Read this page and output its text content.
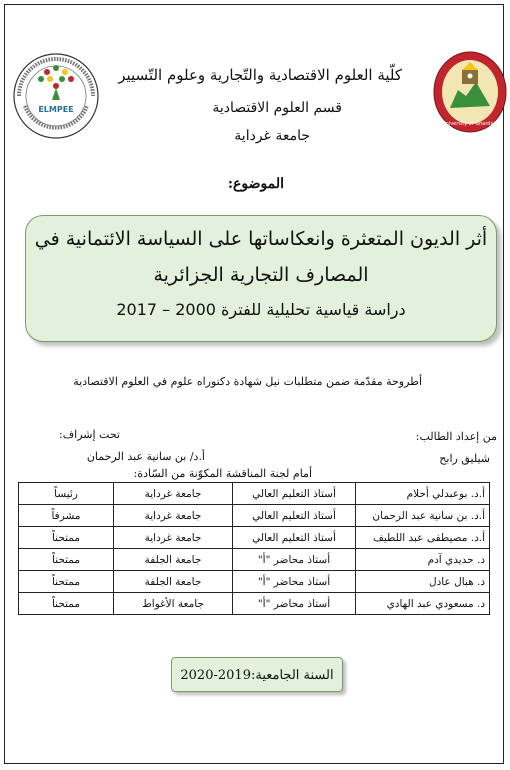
ELMPEE
University of Ghardaia
كلّية العلوم الاقتصادية والتّجارية وعلوم التّسيير
قسم العلوم الاقتصادية
جامعة غرداية
الموضوع:
أثر الديون المتعثرة وانعكاساتها على السياسة الائتمانية في
المصارف التجارية الجزائرية
دراسة قياسية تحليلية للفترة 2000 – 2017
أطروحة مقدّمة ضمن متطلبات نيل شهادة دكتوراه علوم في العلوم الاقتصادية
من إعداد الطالب:
شيليق رابح
تحت إشراف:
أ.د/ بن سانية عبد الرحمان
أمام لجنة المناقشة المكوّنة من السّادة:
أ.د. بوعبدلي أحلام	أستاذ التعليم العالي	جامعة غرداية	رئيساً
أ.د. بن سانية عبد الرحمان	أستاذ التعليم العالي	جامعة غرداية	مشرفاً
أ.د. مصيطفى عبد اللطيف	أستاذ التعليم العالي	جامعة غرداية	ممتحناً
د. حديدي آدم	أستاذ محاضر "أ"	جامعة الجلفة	ممتحناً
د. هبال عادل	أستاذ محاضر "أ"	جامعة الجلفة	ممتحناً
د. مسعودي عبد الهادي	أستاذ محاضر "أ"	جامعة الأغواط	ممتحناً
السنة الجامعية:2019-2020
